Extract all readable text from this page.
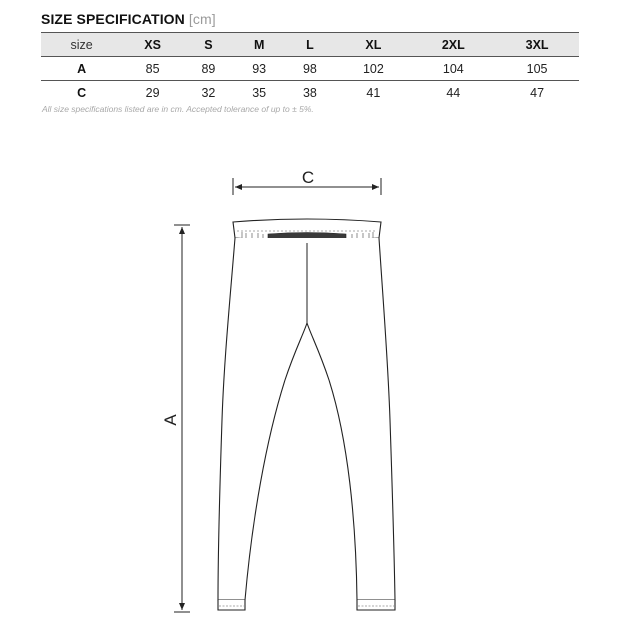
SIZE SPECIFICATION [cm]
size	XS	S	M	L	XL	2XL	3XL
A	85	89	93	98	102	104	105
C	29	32	35	38	41	44	47
All size specifications listed are in cm. Accepted tolerance of up to ± 5%.
C
A
